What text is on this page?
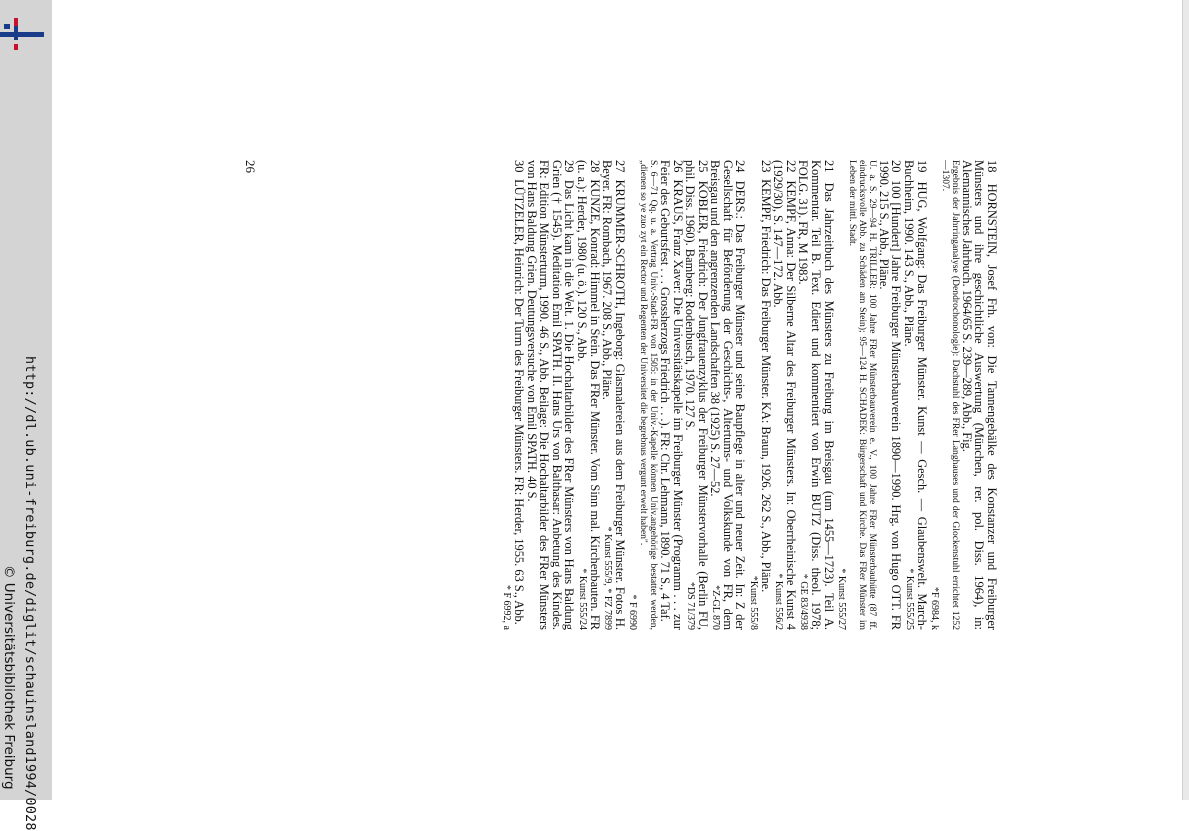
http://dl.ub.uni-freiburg.de/diglit/schauinsland1994/0028
© Universitätsbibliothek Freiburg

18 HORNSTEIN, Josef Frh. von: Die Tannengebälke des Konstanzer und Freiburger Münsters und ihre geschichtliche Auswertung (München, rer. pol. Diss. 1964), in: Alemannisches Jahrbuch. 1964/65 S. 239—289, Abb., Fig.
Ergebnis der Jahrringanalyse (Dendrochonologie): Dachstuhl des FRer Langhauses und der Glockenstuhl errichtet 1252—1307.
*F 6984, k

19 HUG, Wolfgang: Das Freiburger Münster. Kunst — Gesch. — Glaubenswelt. March-Buchheim, 1990. 143 S., Abb., Pläne.
* Kunst 555/25

20 100 [Hundert] Jahre Freiburger Münsterbauverein 1890—1990. Hrg. von Hugo OTT. FR 1990. 215 S., Abb., Pläne.
U. a. S. 29—94 H. TRILLER: 100 Jahre FRer Münsterbauverein e. V., 100 Jahre FRer Münsterbauhütte (87 ff. eindrucksvolle Abb. zu Schäden am Stein); 95—124 H. SCHADEK: Bürgerschaft und Kirche. Das FRer Münster im Leben der mittl. Stadt.
* Kunst 555/27

21 Das Jahrzeitbuch des Münsters zu Freiburg im Breisgau (um 1455—1723). Teil A. Kommentar. Teil B. Text. Ediert und kommentiert von Erwin BUTZ (Diss. theol. 1978; FOLG. 31). FR, M 1983.
* GE 83/4938

22 KEMPF, Anna: Der Silberne Altar des Freiburger Münsters. In: Oberrheinische Kunst 4 (1929/30), S. 147—172. Abb.
* Kunst 556/2

23 KEMPF, Friedrich: Das Freiburger Münster. KA: Braun, 1926. 262 S., Abb., Pläne.
*Kunst 555/8

24 DERS.: Das Freiburger Münster und seine Baupflege in alter und neuer Zeit. In: Z der Gesellschaft für Beförderung der Geschichts-, Altertums- und Volkskunde von FR, dem Breisgau und den angrenzenden Landschaften 38 (1925) S. 27—52.
*Z-GL 870

25 KOBLER, Friedrich: Der Jungfrauenzyklus der Freiburger Münstervorhalle (Berlin FU, phil. Diss. 1960). Bamberg: Rodenbusch, 1970. 127 S.
*DS 71/379

26 KRAUS, Franz Xaver: Die Universitätskapelle im Freiburger Münster (Programm . . . zur Feier des Geburtsfest . . . Grossherzogs Friedrich . . .). FR: Chr. Lehmann, 1890. 71 S., 4 Taf.
S. 6—71 Qq. u. a. Vertrag Univ.-Stadt-FR von 1505: in der Univ.-Kapelle können Univ.angehörige bestattet werden, „dienen so ye zuo zyt ein Rector und Regenten der Universitet die begrebnus vergunt erwelt haben".
* F 6990

27 KRUMMER-SCHROTH, Ingeborg: Glasmalereien aus dem Freiburger Münster. Fotos H. Beyer. FR: Rombach, 1967. 208 S., Abb., Pläne.
* Kunst 555/9, * FZ 7899

28 KUNZE, Konrad: Himmel in Stein. Das FRer Münster. Vom Sinn mal. Kirchenbauten. FR (u. a.): Herder, 1980 (u. ö.). 120 S., Abb.
* Kunst 555/24

29 Das Licht kam in die Welt. 1. Die Hochaltarbilder des FRer Münsters von Hans Baldung Grien († 1545). Meditation Emil SPATH. II. Hans Urs von Balthasar: Anbetung des Kindes. FR: Edition Münsterturm, 1990. 46 S., Abb. Beilage: Die Hochaltarbilder des FRer Münsters von Hans Baldung Grien. Deutungsversuche von Emil SPATH. 40 S.

30 LÜTZELER, Heinrich: Der Turm des Freiburger Münsters. FR: Herder, 1955. 63 S., Abb.
* F 6992, a

26
